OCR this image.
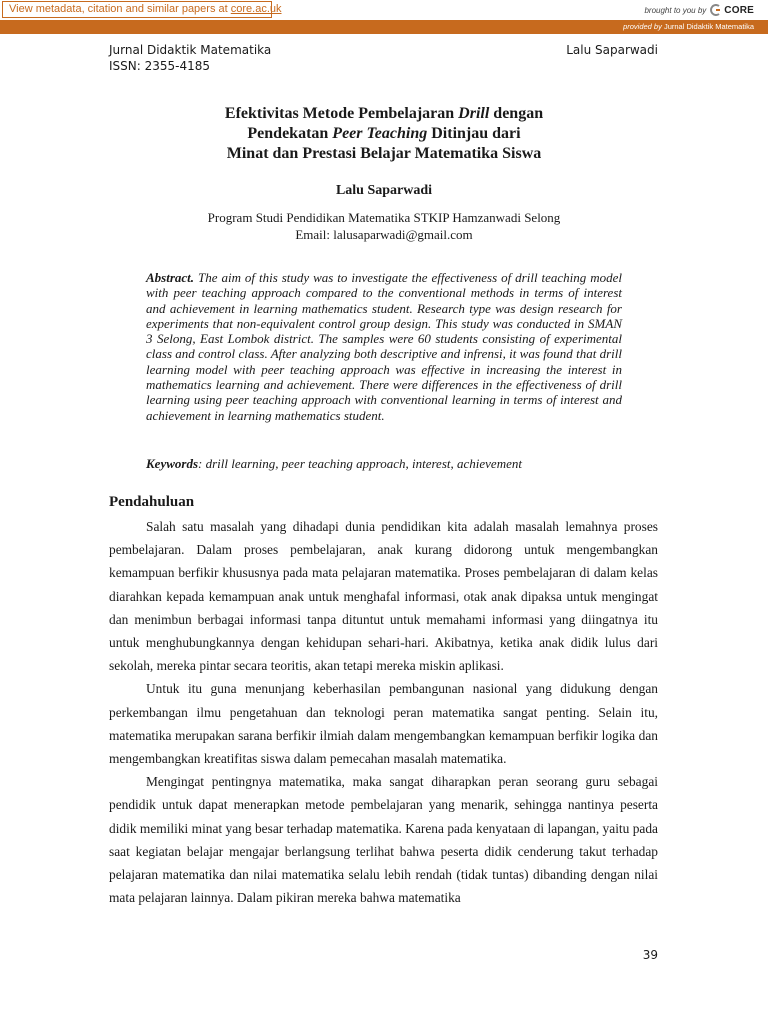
View metadata, citation and similar papers at core.ac.uk	brought to you by CORE
provided by Jurnal Didaktik Matematika
Jurnal Didaktik Matematika
ISSN: 2355-4185
Lalu Saparwadi
Efektivitas Metode Pembelajaran Drill dengan
Pendekatan Peer Teaching Ditinjau dari
Minat dan Prestasi Belajar Matematika Siswa
Lalu Saparwadi
Program Studi Pendidikan Matematika STKIP Hamzanwadi Selong
Email: lalusaparwadi@gmail.com
Abstract. The aim of this study was to investigate the effectiveness of drill teaching model with peer teaching approach compared to the conventional methods in terms of interest and achievement in learning mathematics student. Research type was design research for experiments that non-equivalent control group design. This study was conducted in SMAN 3 Selong, East Lombok district. The samples were 60 students consisting of experimental class and control class. After analyzing both descriptive and infrensi, it was found that drill learning model with peer teaching approach was effective in increasing the interest in mathematics learning and achievement. There were differences in the effectiveness of drill learning using peer teaching approach with conventional learning in terms of interest and achievement in learning mathematics student.
Keywords: drill learning, peer teaching approach, interest, achievement
Pendahuluan

Salah satu masalah yang dihadapi dunia pendidikan kita adalah masalah lemahnya proses pembelajaran. Dalam proses pembelajaran, anak kurang didorong untuk mengembangkan kemampuan berfikir khususnya pada mata pelajaran matematika. Proses pembelajaran di dalam kelas diarahkan kepada kemampuan anak untuk menghafal informasi, otak anak dipaksa untuk mengingat dan menimbun berbagai informasi tanpa dituntut untuk memahami informasi yang diingatnya itu untuk menghubungkannya dengan kehidupan sehari-hari. Akibatnya, ketika anak didik lulus dari sekolah, mereka pintar secara teoritis, akan tetapi mereka miskin aplikasi.

Untuk itu guna menunjang keberhasilan pembangunan nasional yang didukung dengan perkembangan ilmu pengetahuan dan teknologi peran matematika sangat penting. Selain itu, matematika merupakan sarana berfikir ilmiah dalam mengembangkan kemampuan berfikir logika dan mengembangkan kreatifitas siswa dalam pemecahan masalah matematika.

Mengingat pentingnya matematika, maka sangat diharapkan peran seorang guru sebagai pendidik untuk dapat menerapkan metode pembelajaran yang menarik, sehingga nantinya peserta didik memiliki minat yang besar terhadap matematika. Karena pada kenyataan di lapangan, yaitu pada saat kegiatan belajar mengajar berlangsung terlihat bahwa peserta didik cenderung takut terhadap pelajaran matematika dan nilai matematika selalu lebih rendah (tidak tuntas) dibanding dengan nilai mata pelajaran lainnya. Dalam pikiran mereka bahwa matematika

39
